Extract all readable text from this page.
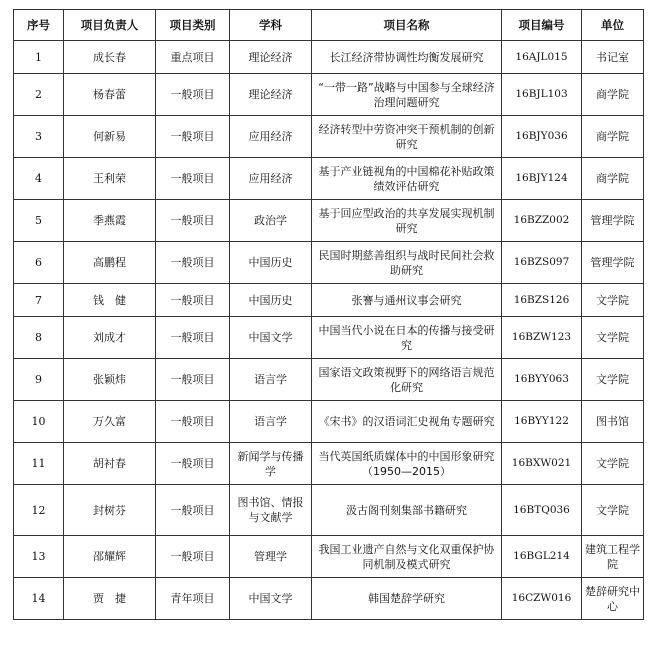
序号	项目负责人	项目类别	学科	项目名称	项目编号	单位
1	成长春	重点项目	理论经济	长江经济带协调性均衡发展研究	16AJL015	书记室
2	杨春蕾	一般项目	理论经济	“一带一路”战略与中国参与全球经济治理问题研究	16BJL103	商学院
3	何新易	一般项目	应用经济	经济转型中劳资冲突干预机制的创新研究	16BJY036	商学院
4	王利荣	一般项目	应用经济	基于产业链视角的中国棉花补贴政策绩效评估研究	16BJY124	商学院
5	季燕霞	一般项目	政治学	基于回应型政治的共享发展实现机制研究	16BZZ002	管理学院
6	高鹏程	一般项目	中国历史	民国时期慈善组织与战时民间社会救助研究	16BZS097	管理学院
7	钱　健	一般项目	中国历史	张謇与通州议事会研究	16BZS126	文学院
8	刘成才	一般项目	中国文学	中国当代小说在日本的传播与接受研究	16BZW123	文学院
9	张颖炜	一般项目	语言学	国家语文政策视野下的网络语言规范化研究	16BYY063	文学院
10	万久富	一般项目	语言学	《宋书》的汉语词汇史视角专题研究	16BYY122	图书馆
11	胡衬春	一般项目	新闻学与传播学	当代英国纸质媒体中的中国形象研究（1950—2015）	16BXW021	文学院
12	封树芬	一般项目	图书馆、情报与文献学	汲古阁刊刻集部书籍研究	16BTQ036	文学院
13	邵耀辉	一般项目	管理学	我国工业遗产自然与文化双重保护协同机制及模式研究	16BGL214	建筑工程学院
14	贾　捷	青年项目	中国文学	韩国楚辞学研究	16CZW016	楚辞研究中心
